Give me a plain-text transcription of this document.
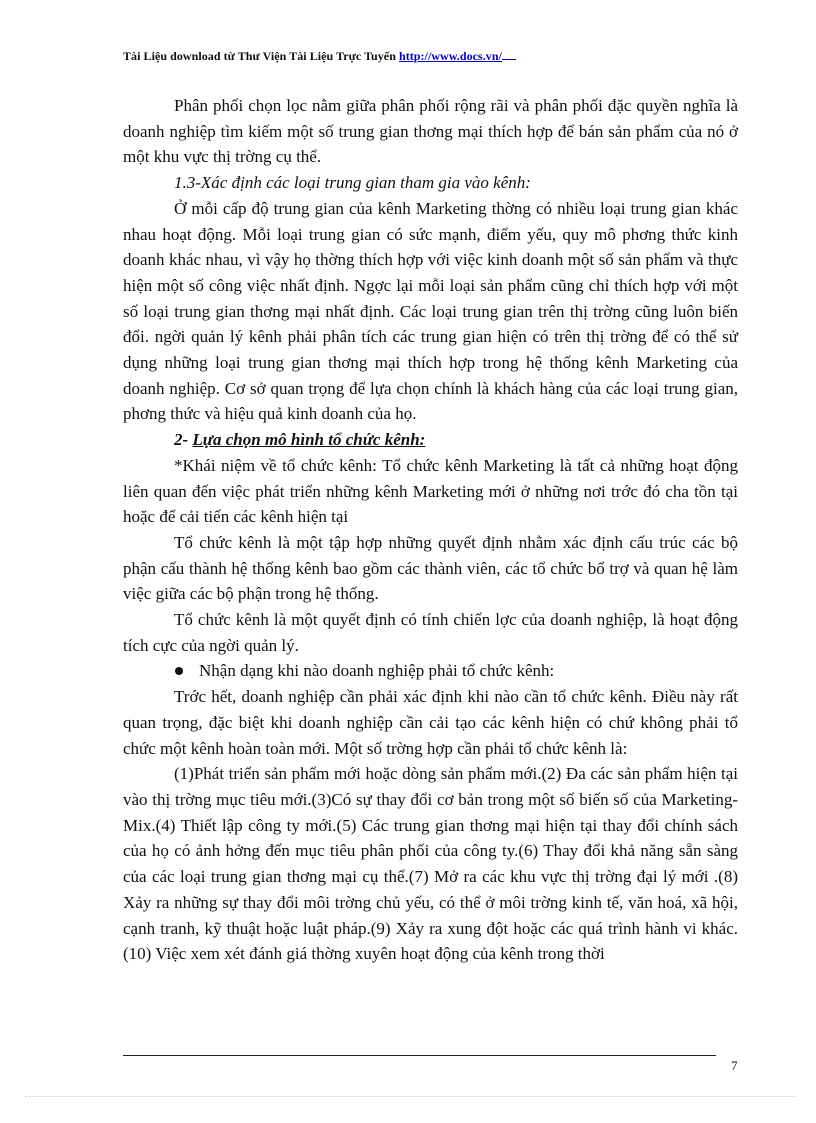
Tài Liệu download từ Thư Viện Tài Liệu Trực Tuyến http://www.docs.vn/

Phân phối chọn lọc nằm giữa phân phối rộng rãi và phân phối đặc quyền nghĩa là doanh nghiệp tìm kiếm một số trung gian thơng mại thích hợp để bán sản phẩm của nó ở một khu vực thị trờng cụ thể.

1.3-Xác định các loại trung gian tham gia vào kênh:

Ở mỗi cấp độ trung gian của kênh Marketing thờng có nhiều loại trung gian khác nhau hoạt động. Mỗi loại trung gian có sức mạnh, điểm yếu, quy mô phơng thức kinh doanh khác nhau, vì vậy họ thờng thích hợp với việc kinh doanh một số sản phẩm và thực hiện một số công việc nhất định. Ngợc lại mỗi loại sản phẩm cũng chỉ thích hợp với một số loại trung gian thơng mại nhất định. Các loại trung gian trên thị trờng cũng luôn biến đổi. ngời quản lý kênh phải phân tích các trung gian hiện có trên thị trờng để có thể sử dụng những loại trung gian thơng mại thích hợp trong hệ thống kênh Marketing của doanh nghiệp. Cơ sở quan trọng để lựa chọn chính là khách hàng của các loại trung gian, phơng thức và hiệu quả kinh doanh của họ.

2- Lựa chọn mô hình tổ chức kênh:

*Khái niệm về tổ chức kênh: Tổ chức kênh Marketing là tất cả những hoạt động liên quan đến việc phát triển những kênh Marketing mới ở những nơi trớc đó cha tồn tại hoặc để cải tiến các kênh hiện tại

Tổ chức kênh là một tập hợp những quyết định nhằm xác định cấu trúc các bộ phận cấu thành hệ thống kênh bao gồm các thành viên, các tổ chức bổ trợ và quan hệ làm việc giữa các bộ phận trong hệ thống.

Tổ chức kênh là một quyết định có tính chiến lợc của doanh nghiệp, là hoạt động tích cực của ngời quản lý.

Nhận dạng khi nào doanh nghiệp phải tổ chức kênh:

Trớc hết, doanh nghiệp cần phải xác định khi nào cần tổ chức kênh. Điều này rất quan trọng, đặc biệt khi doanh nghiệp cần cải tạo các kênh hiện có chứ không phải tổ chức một kênh hoàn toàn mới. Một số trờng hợp cần phải tổ chức kênh là:

(1)Phát triển sản phẩm mới hoặc dòng sản phẩm mới.(2) Đa các sản phẩm hiện tại vào thị trờng mục tiêu mới.(3)Có sự thay đổi cơ bản trong một số biến số của Marketing- Mix.(4) Thiết lập công ty mới.(5) Các trung gian thơng mại hiện tại thay đổi chính sách của họ có ảnh hởng đến mục tiêu phân phối của công ty.(6) Thay đổi khả năng sẵn sàng của các loại trung gian thơng mại cụ thể.(7) Mở ra các khu vực thị trờng đại lý mới .(8) Xảy ra những sự thay đổi môi trờng chủ yếu, có thể ở môi trờng kinh tế, văn hoá, xã hội, cạnh tranh, kỹ thuật hoặc luật pháp.(9) Xảy ra xung đột hoặc các quá trình hành vi khác.(10) Việc xem xét đánh giá thờng xuyên hoạt động của kênh trong thời

7
